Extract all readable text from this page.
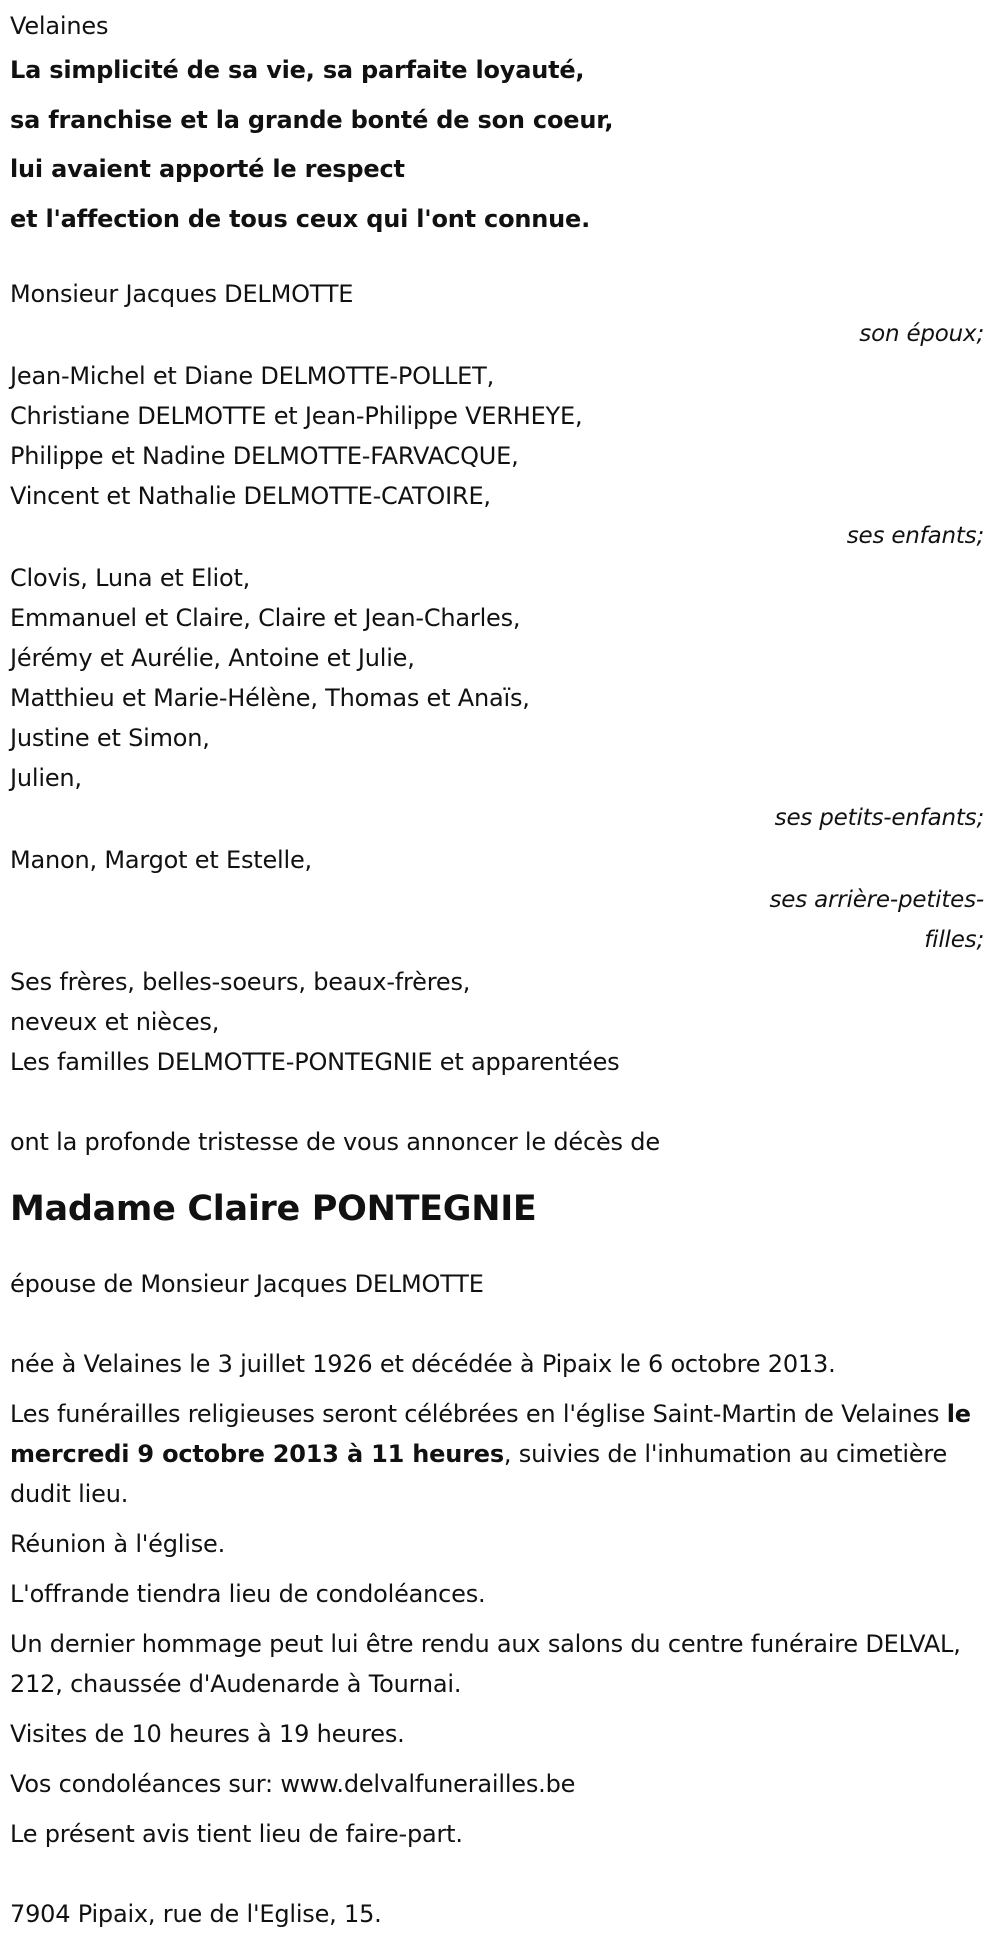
Velaines
La simplicité de sa vie, sa parfaite loyauté,
sa franchise et la grande bonté de son coeur,
lui avaient apporté le respect
et l'affection de tous ceux qui l'ont connue.
Monsieur Jacques DELMOTTE
son époux;
Jean-Michel et Diane DELMOTTE-POLLET,
Christiane DELMOTTE et Jean-Philippe VERHEYE,
Philippe et Nadine DELMOTTE-FARVACQUE,
Vincent et Nathalie DELMOTTE-CATOIRE,
ses enfants;
Clovis, Luna et Eliot,
Emmanuel et Claire, Claire et Jean-Charles,
Jérémy et Aurélie, Antoine et Julie,
Matthieu et Marie-Hélène, Thomas et Anaïs,
Justine et Simon,
Julien,
ses petits-enfants;
Manon, Margot et Estelle,
ses arrière-petites-
filles;
Ses frères, belles-soeurs, beaux-frères,
neveux et nièces,
Les familles DELMOTTE-PONTEGNIE et apparentées
ont la profonde tristesse de vous annoncer le décès de
Madame Claire PONTEGNIE
épouse de Monsieur Jacques DELMOTTE
née à Velaines le 3 juillet 1926 et décédée à Pipaix le 6 octobre 2013.
Les funérailles religieuses seront célébrées en l'église Saint-Martin de Velaines le mercredi 9 octobre 2013 à 11 heures, suivies de l'inhumation au cimetière dudit lieu.
Réunion à l'église.
L'offrande tiendra lieu de condoléances.
Un dernier hommage peut lui être rendu aux salons du centre funéraire DELVAL, 212, chaussée d'Audenarde à Tournai.
Visites de 10 heures à 19 heures.
Vos condoléances sur: www.delvalfunerailles.be
Le présent avis tient lieu de faire-part.
7904 Pipaix, rue de l'Eglise, 15.
